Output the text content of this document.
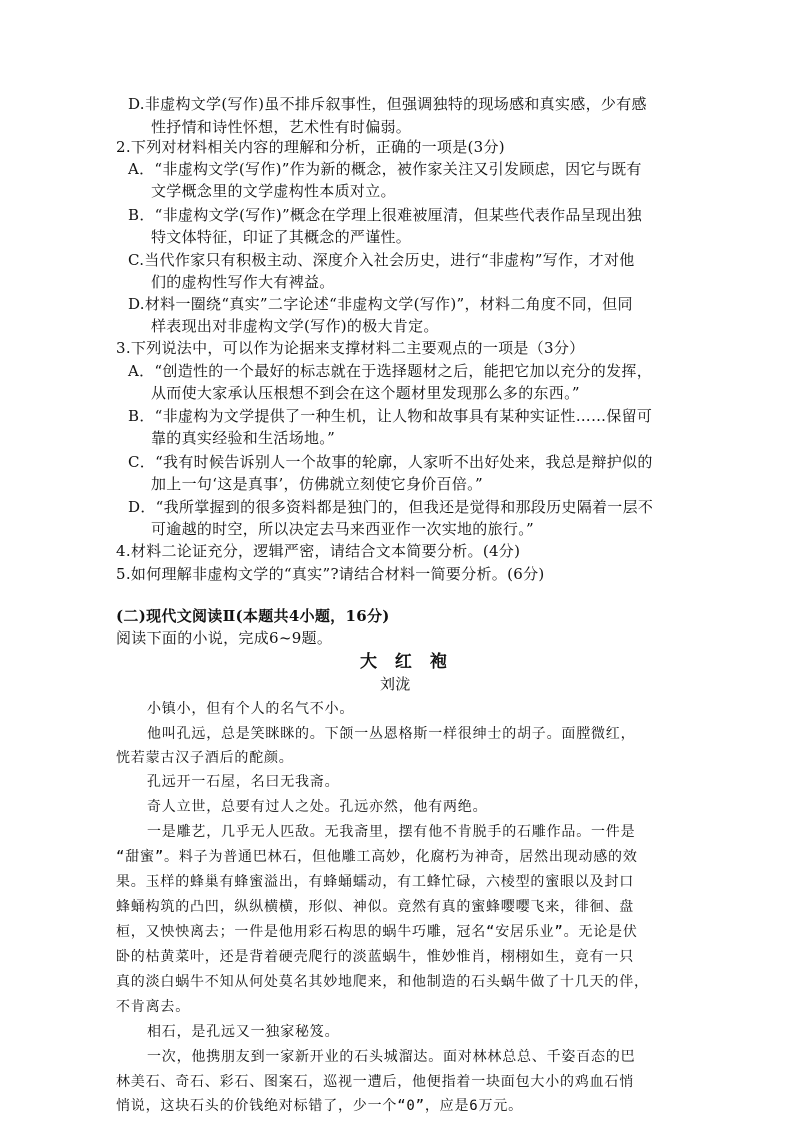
D.非虚构文学(写作)虽不排斥叙事性，但强调独特的现场感和真实感，少有感
性抒情和诗性怀想，艺术性有时偏弱。
2.下列对材料相关内容的理解和分析，正确的一项是(3分)
A．“非虚构文学(写作)”作为新的概念，被作家关注又引发顾虑，因它与既有
文学概念里的文学虚构性本质对立。
B．“非虚构文学(写作)”概念在学理上很难被厘清，但某些代表作品呈现出独
特文体特征，印证了其概念的严谨性。
C.当代作家只有积极主动、深度介入社会历史，进行“非虚构”写作，才对他
们的虚构性写作大有裨益。
D.材料一圈绕“真实”二字论述“非虚构文学(写作)”，材料二角度不同，但同
样表现出对非虚构文学(写作)的极大肯定。
3.下列说法中，可以作为论据来支撑材料二主要观点的一项是（3分）
A．“创造性的一个最好的标志就在于选择题材之后，能把它加以充分的发挥，
从而使大家承认压根想不到会在这个题材里发现那么多的东西。”
B．“非虚构为文学提供了一种生机，让人物和故事具有某种实证性……保留可
靠的真实经验和生活场地。”
C．“我有时候告诉别人一个故事的轮廓，人家听不出好处来，我总是辩护似的
加上一句‘这是真事’，仿佛就立刻使它身价百倍。”
D．“我所掌握到的很多资料都是独门的，但我还是觉得和那段历史隔着一层不
可逾越的时空，所以决定去马来西亚作一次实地的旅行。”
4.材料二论证充分，逻辑严密，请结合文本简要分析。(4分)
5.如何理解非虚构文学的“真实”?请结合材料一简要分析。(6分)
(二)现代文阅读Ⅱ(本题共4小题，16分)
阅读下面的小说，完成6~9题。
大 红 袍
刘泷
小镇小，但有个人的名气不小。
他叫孔远，总是笑眯眯的。下颌一丛恩格斯一样很绅士的胡子。面膛微红，
恍若蒙古汉子酒后的酡颜。
孔远开一石屋，名曰无我斋。
奇人立世，总要有过人之处。孔远亦然，他有两绝。
一是雕艺，几乎无人匹敌。无我斋里，摆有他不肯脱手的石雕作品。一件是
“甜蜜”。料子为普通巴林石，但他雕工高妙，化腐朽为神奇，居然出现动感的效
果。玉样的蜂巢有蜂蜜溢出，有蜂蛹蠕动，有工蜂忙碌，六棱型的蜜眼以及封口
蜂蛹构筑的凸凹，纵纵横横，形似、神似。竟然有真的蜜蜂嘤嘤飞来，徘徊、盘
桓，又怏怏离去；一件是他用彩石构思的蜗牛巧雕，冠名“安居乐业”。无论是伏
卧的枯黄菜叶，还是背着硬壳爬行的淡蓝蜗牛，惟妙惟肖，栩栩如生，竟有一只
真的淡白蜗牛不知从何处莫名其妙地爬来，和他制造的石头蜗牛做了十几天的伴，
不肯离去。
相石，是孔远又一独家秘笈。
一次，他携朋友到一家新开业的石头城溜达。面对林林总总、千姿百态的巴
林美石、奇石、彩石、图案石，巡视一遭后，他便指着一块面包大小的鸡血石悄
悄说，这块石头的价钱绝对标错了，少一个“0”，应是6万元。
